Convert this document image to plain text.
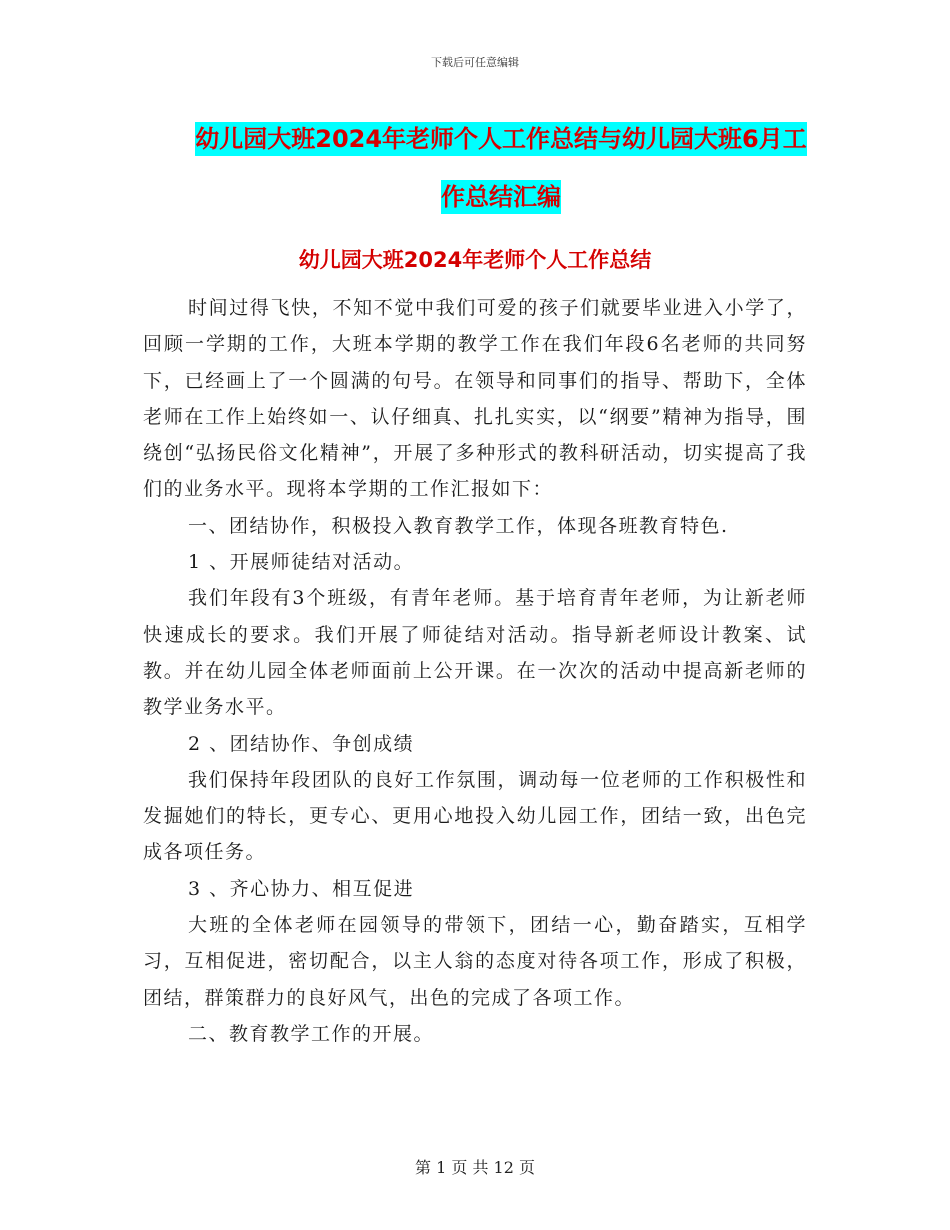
下载后可任意编辑
幼儿园大班2024年老师个人工作总结与幼儿园大班6月工作总结汇编
幼儿园大班2024年老师个人工作总结

时间过得飞快，不知不觉中我们可爱的孩子们就要毕业进入小学了，回顾一学期的工作，大班本学期的教学工作在我们年段6名老师的共同努下，已经画上了一个圆满的句号。在领导和同事们的指导、帮助下，全体老师在工作上始终如一、认仔细真、扎扎实实，以“纲要”精神为指导，围绕创“弘扬民俗文化精神”，开展了多种形式的教科研活动，切实提高了我们的业务水平。现将本学期的工作汇报如下：

一、团结协作，积极投入教育教学工作，体现各班教育特色.

1 、开展师徒结对活动。

我们年段有3个班级，有青年老师。基于培育青年老师，为让新老师快速成长的要求。我们开展了师徒结对活动。指导新老师设计教案、试教。并在幼儿园全体老师面前上公开课。在一次次的活动中提高新老师的教学业务水平。

2 、团结协作、争创成绩

我们保持年段团队的良好工作氛围，调动每一位老师的工作积极性和发掘她们的特长，更专心、更用心地投入幼儿园工作，团结一致，出色完成各项任务。

3 、齐心协力、相互促进

大班的全体老师在园领导的带领下，团结一心，勤奋踏实，互相学习，互相促进，密切配合，以主人翁的态度对待各项工作，形成了积极，团结，群策群力的良好风气，出色的完成了各项工作。

二、教育教学工作的开展。

第 1 页 共 12 页
